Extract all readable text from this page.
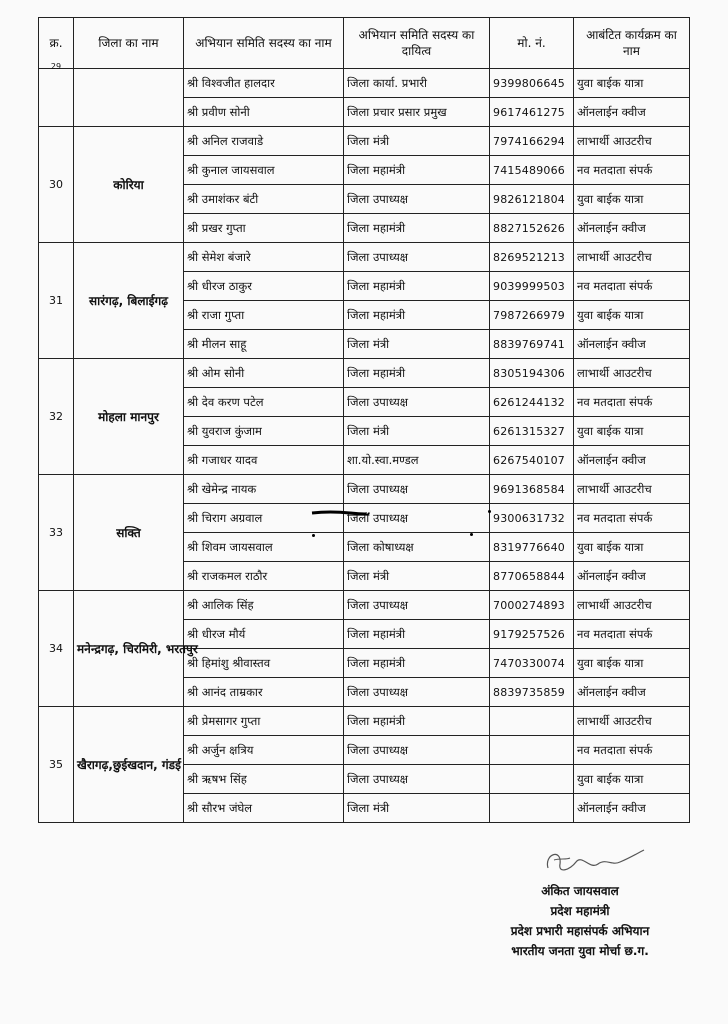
क्र.	जिला का नाम	अभियान समिति सदस्य का नाम	अभियान समिति सदस्य का दायित्व	मो. नं.	आबंटित कार्यक्रम का नाम
$^{29}$		श्री विश्वजीत हालदार	जिला कार्या. प्रभारी	9399806645	युवा बाईक यात्रा
		श्री प्रवीण सोनी	जिला प्रचार प्रसार प्रमुख	9617461275	ऑनलाईन क्वीज
30	कोरिया	श्री अनिल राजवाडे	जिला मंत्री	7974166294	लाभार्थी आउटरीच
		श्री कुनाल जायसवाल	जिला महामंत्री	7415489066	नव मतदाता संपर्क
		श्री उमाशंकर बंटी	जिला उपाध्यक्ष	9826121804	युवा बाईक यात्रा
		श्री प्रखर गुप्ता	जिला महामंत्री	8827152626	ऑनलाईन क्वीज
31	सारंगढ़, बिलाईगढ़	श्री सेमेश बंजारे	जिला उपाध्यक्ष	8269521213	लाभार्थी आउटरीच
		श्री धीरज ठाकुर	जिला महामंत्री	9039999503	नव मतदाता संपर्क
		श्री राजा गुप्ता	जिला महामंत्री	7987266979	युवा बाईक यात्रा
		श्री मीलन साहू	जिला मंत्री	8839769741	ऑनलाईन क्वीज
32	मोहला मानपुर	श्री ओम सोनी	जिला महामंत्री	8305194306	लाभार्थी आउटरीच
		श्री देव करण पटेल	जिला उपाध्यक्ष	6261244132	नव मतदाता संपर्क
		श्री युवराज कुंजाम	जिला मंत्री	6261315327	युवा बाईक यात्रा
		श्री गजाधर यादव	शा.यो.स्वा.मण्डल	6267540107	ऑनलाईन क्वीज
33	सक्ति	श्री खेमेन्द्र नायक	जिला उपाध्यक्ष	9691368584	लाभार्थी आउटरीच
		श्री चिराग अग्रवाल	जिला उपाध्यक्ष	9300631732	नव मतदाता संपर्क
		श्री शिवम जायसवाल	जिला कोषाध्यक्ष	8319776640	युवा बाईक यात्रा
		श्री राजकमल राठौर	जिला मंत्री	8770658844	ऑनलाईन क्वीज
34	मनेन्द्रगढ़, चिरमिरी, भरतपुर	श्री आलिक सिंह	जिला उपाध्यक्ष	7000274893	लाभार्थी आउटरीच
		श्री धीरज मौर्य	जिला महामंत्री	9179257526	नव मतदाता संपर्क
		श्री हिमांशु श्रीवास्तव	जिला महामंत्री	7470330074	युवा बाईक यात्रा
		श्री आनंद ताम्रकार	जिला उपाध्यक्ष	8839735859	ऑनलाईन क्वीज
35	खैरागढ़,छुईखदान, गंडई	श्री प्रेमसागर गुप्ता	जिला महामंत्री		लाभार्थी आउटरीच
		श्री अर्जुन क्षत्रिय	जिला उपाध्यक्ष		नव मतदाता संपर्क
		श्री ऋषभ सिंह	जिला उपाध्यक्ष		युवा बाईक यात्रा
		श्री सौरभ जंघेल	जिला मंत्री		ऑनलाईन क्वीज
अंकित जायसवाल
प्रदेश महामंत्री
प्रदेश प्रभारी महासंपर्क अभियान
भारतीय जनता युवा मोर्चा छ.ग.
